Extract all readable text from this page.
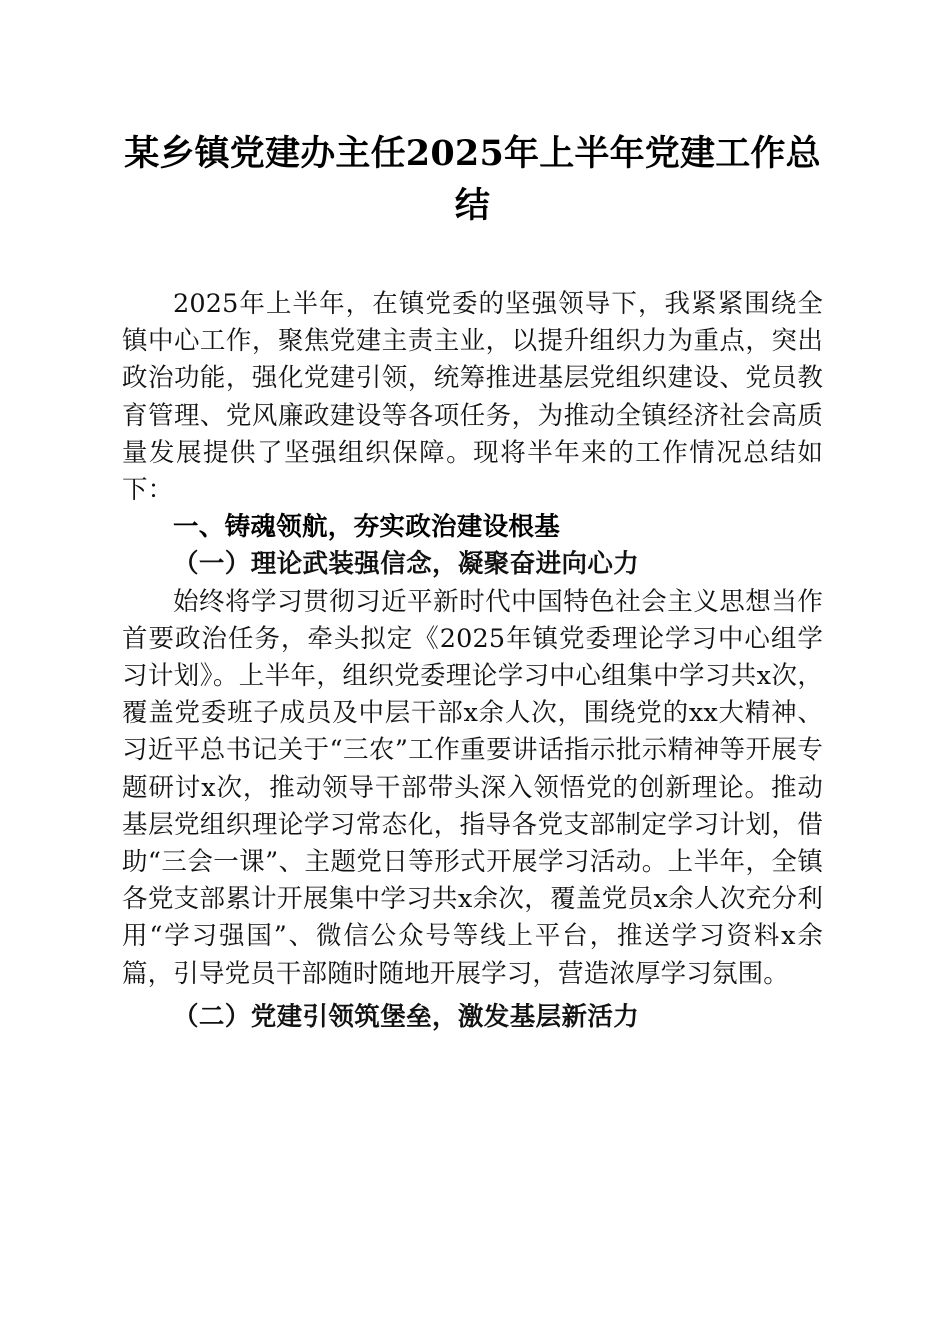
某乡镇党建办主任2025年上半年党建工作总结

2025年上半年，在镇党委的坚强领导下，我紧紧围绕全镇中心工作，聚焦党建主责主业，以提升组织力为重点，突出政治功能，强化党建引领，统筹推进基层党组织建设、党员教育管理、党风廉政建设等各项任务，为推动全镇经济社会高质量发展提供了坚强组织保障。现将半年来的工作情况总结如下：

一、铸魂领航，夯实政治建设根基
（一）理论武装强信念，凝聚奋进向心力

始终将学习贯彻习近平新时代中国特色社会主义思想当作首要政治任务，牵头拟定《2025年镇党委理论学习中心组学习计划》。上半年，组织党委理论学习中心组集中学习共x次，覆盖党委班子成员及中层干部x余人次，围绕党的xx大精神、习近平总书记关于“三农”工作重要讲话指示批示精神等开展专题研讨x次，推动领导干部带头深入领悟党的创新理论。推动基层党组织理论学习常态化，指导各党支部制定学习计划，借助“三会一课”、主题党日等形式开展学习活动。上半年，全镇各党支部累计开展集中学习共x余次，覆盖党员x余人次充分利用“学习强国”、微信公众号等线上平台，推送学习资料x余篇，引导党员干部随时随地开展学习，营造浓厚学习氛围。

（二）党建引领筑堡垒，激发基层新活力
